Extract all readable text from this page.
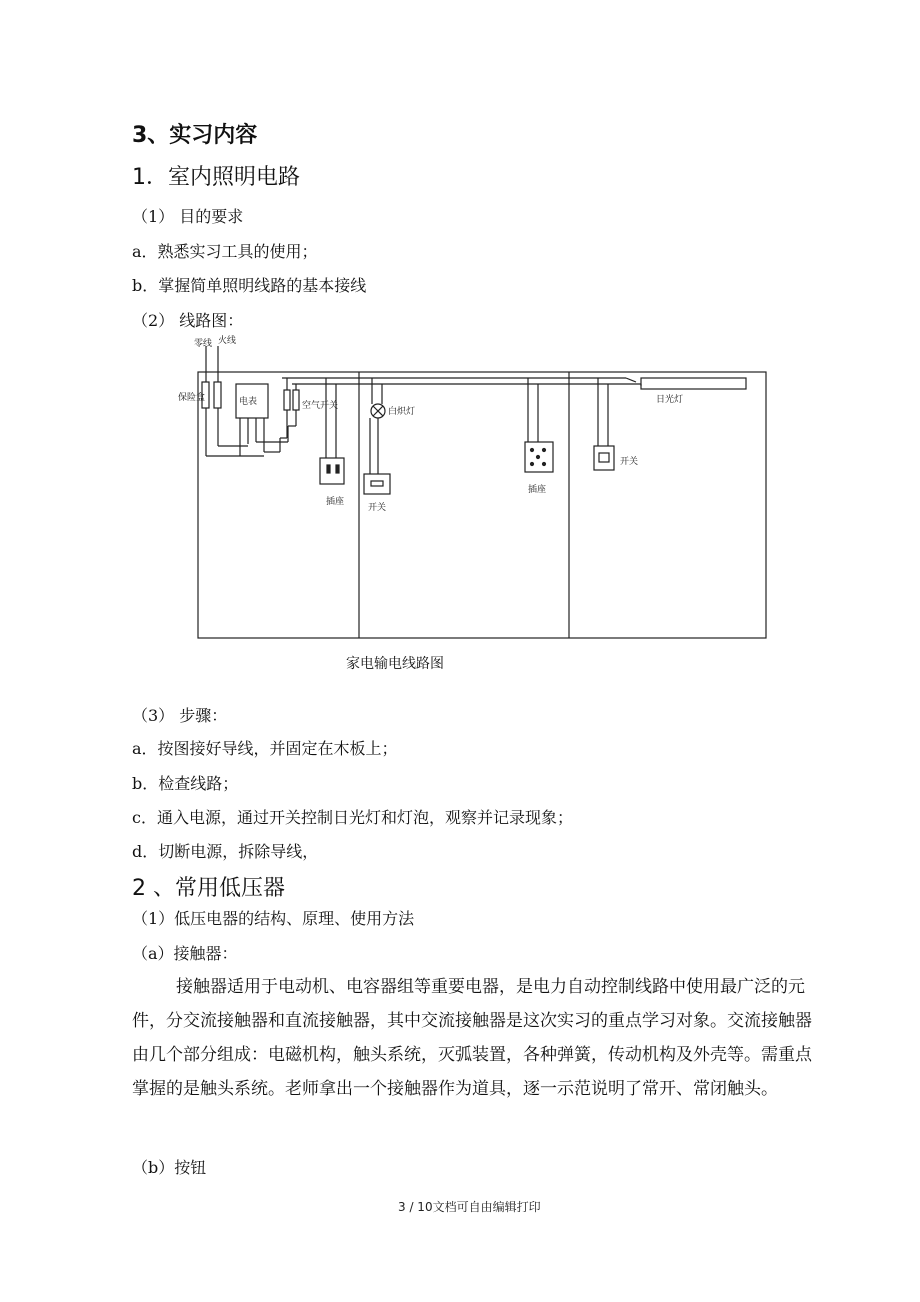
3、实习内容
1．室内照明电路
（1） 目的要求
a．熟悉实习工具的使用；
b．掌握简单照明线路的基本接线
（2） 线路图：
零线 火线
保险盒	电表	空气开关
白炽灯
插座
开关
插座
日光灯
开关
家电输电线路图
（3） 步骤：
a．按图接好导线，并固定在木板上；
b．检查线路；
c．通入电源，通过开关控制日光灯和灯泡，观察并记录现象；
d．切断电源，拆除导线，
2 、常用低压器
（1）低压电器的结构、原理、使用方法
（a）接触器：
接触器适用于电动机、电容器组等重要电器，是电力自动控制线路中使用最广泛的元件，分交流接触器和直流接触器，其中交流接触器是这次实习的重点学习对象。交流接触器由几个部分组成：电磁机构，触头系统，灭弧装置，各种弹簧，传动机构及外壳等。需重点掌握的是触头系统。老师拿出一个接触器作为道具，逐一示范说明了常开、常闭触头。
（b）按钮
3 / 10文档可自由编辑打印
